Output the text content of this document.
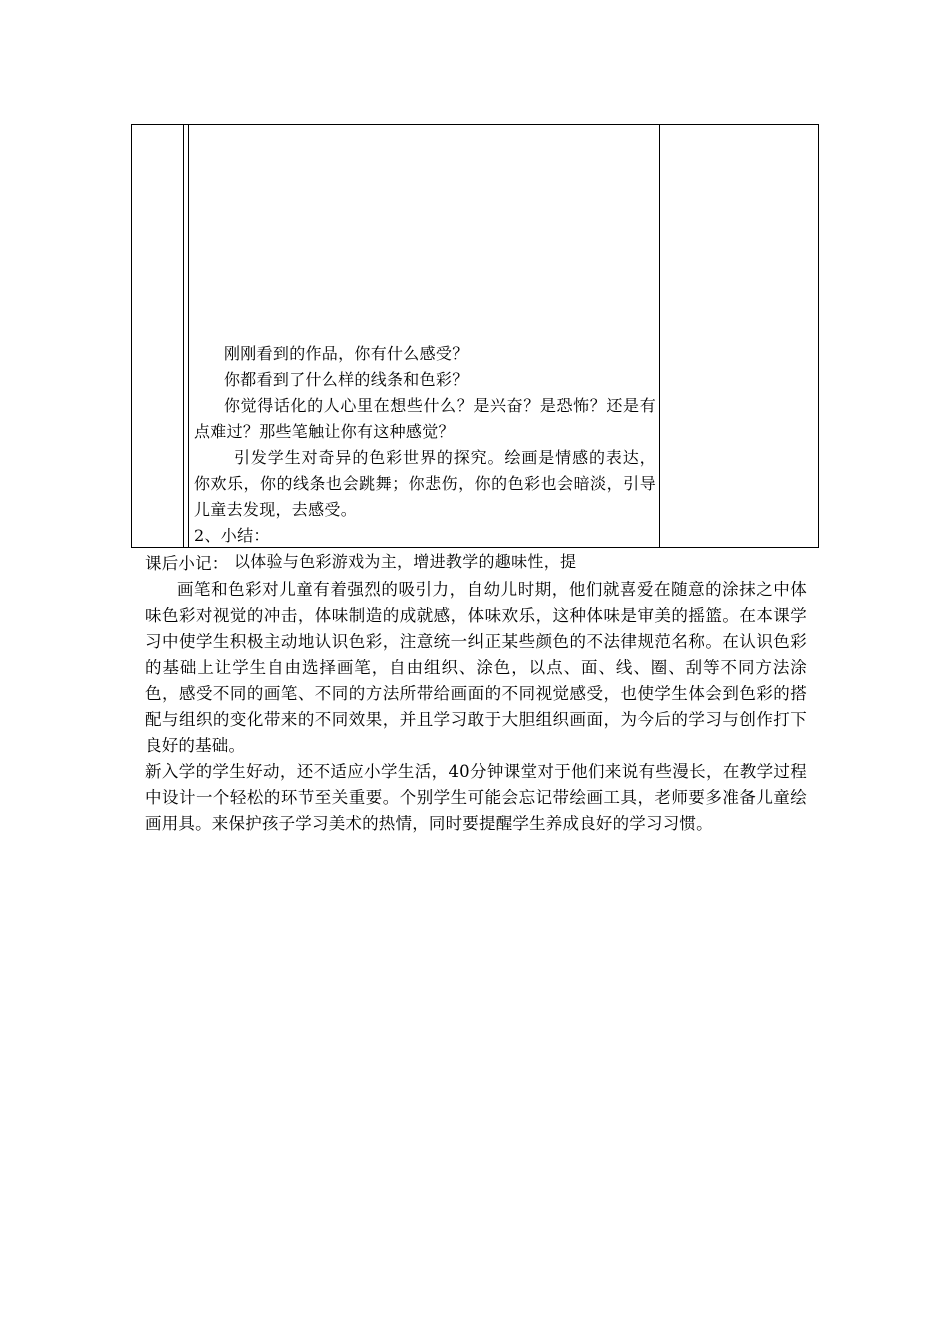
刚刚看到的作品，你有什么感受？

你都看到了什么样的线条和色彩？

你觉得话化的人心里在想些什么？是兴奋？是恐怖？还是有点难过？那些笔触让你有这种感觉？

引发学生对奇异的色彩世界的探究。绘画是情感的表达，你欢乐，你的线条也会跳舞；你悲伤，你的色彩也会暗淡，引导儿童去发现，去感受。

2、小结：

以体验与色彩游戏为主，增进教学的趣味性，提

课后小记：

画笔和色彩对儿童有着强烈的吸引力，自幼儿时期，他们就喜爱在随意的涂抹之中体味色彩对视觉的冲击，体味制造的成就感，体味欢乐，这种体味是审美的摇篮。在本课学习中使学生积极主动地认识色彩，注意统一纠正某些颜色的不法律规范名称。在认识色彩的基础上让学生自由选择画笔，自由组织、涂色，以点、面、线、圈、刮等不同方法涂色，感受不同的画笔、不同的方法所带给画面的不同视觉感受，也使学生体会到色彩的搭配与组织的变化带来的不同效果，并且学习敢于大胆组织画面，为今后的学习与创作打下良好的基础。

新入学的学生好动，还不适应小学生活，40分钟课堂对于他们来说有些漫长，在教学过程中设计一个轻松的环节至关重要。个别学生可能会忘记带绘画工具，老师要多准备儿童绘画用具。来保护孩子学习美术的热情，同时要提醒学生养成良好的学习习惯。
